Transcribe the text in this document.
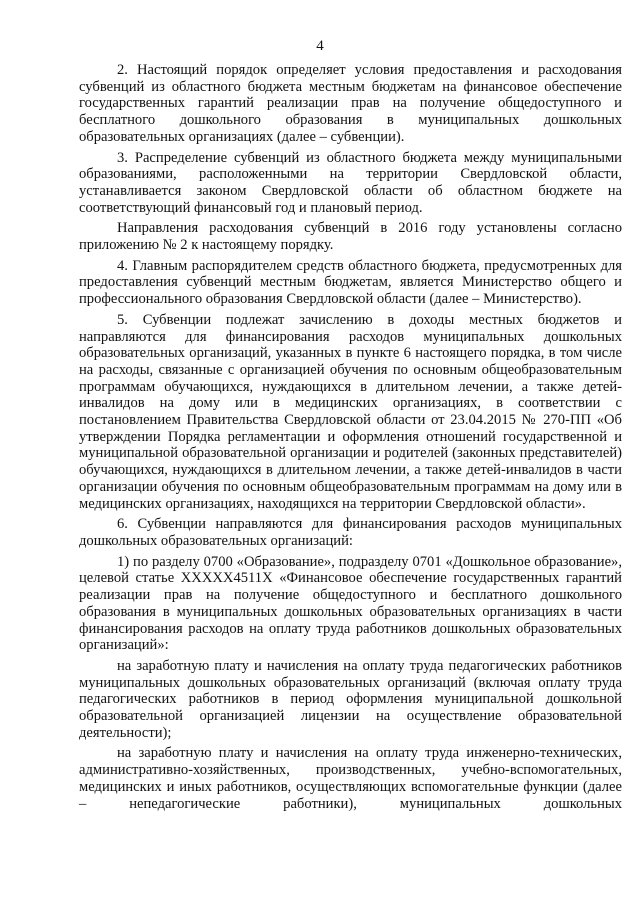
4

2. Настоящий порядок определяет условия предоставления и расходования субвенций из областного бюджета местным бюджетам на финансовое обеспечение государственных гарантий реализации прав на получение общедоступного и бесплатного дошкольного образования в муниципальных дошкольных образовательных организациях (далее – субвенции).

3. Распределение субвенций из областного бюджета между муниципальными образованиями, расположенными на территории Свердловской области, устанавливается законом Свердловской области об областном бюджете на соответствующий финансовый год и плановый период.

Направления расходования субвенций в 2016 году установлены согласно приложению № 2 к настоящему порядку.

4. Главным распорядителем средств областного бюджета, предусмотренных для предоставления субвенций местным бюджетам, является Министерство общего и профессионального образования Свердловской области (далее – Министерство).

5. Субвенции подлежат зачислению в доходы местных бюджетов и направляются для финансирования расходов муниципальных дошкольных образовательных организаций, указанных в пункте 6 настоящего порядка, в том числе на расходы, связанные с организацией обучения по основным общеобразовательным программам обучающихся, нуждающихся в длительном лечении, а также детей-инвалидов на дому или в медицинских организациях, в соответствии с постановлением Правительства Свердловской области от 23.04.2015 № 270-ПП «Об утверждении Порядка регламентации и оформления отношений государственной и муниципальной образовательной организации и родителей (законных представителей) обучающихся, нуждающихся в длительном лечении, а также детей-инвалидов в части организации обучения по основным общеобразовательным программам на дому или в медицинских организациях, находящихся на территории Свердловской области».

6. Субвенции направляются для финансирования расходов муниципальных дошкольных образовательных организаций:

1) по разделу 0700 «Образование», подразделу 0701 «Дошкольное образование», целевой статье XXXXX4511X «Финансовое обеспечение государственных гарантий реализации прав на получение общедоступного и бесплатного дошкольного образования в муниципальных дошкольных образовательных организациях в части финансирования расходов на оплату труда работников дошкольных образовательных организаций»:

на заработную плату и начисления на оплату труда педагогических работников муниципальных дошкольных образовательных организаций (включая оплату труда педагогических работников в период оформления муниципальной дошкольной образовательной организацией лицензии на осуществление образовательной деятельности);

на заработную плату и начисления на оплату труда инженерно-технических, административно-хозяйственных, производственных, учебно-вспомогательных, медицинских и иных работников, осуществляющих вспомогательные функции (далее – непедагогические работники), муниципальных дошкольных
